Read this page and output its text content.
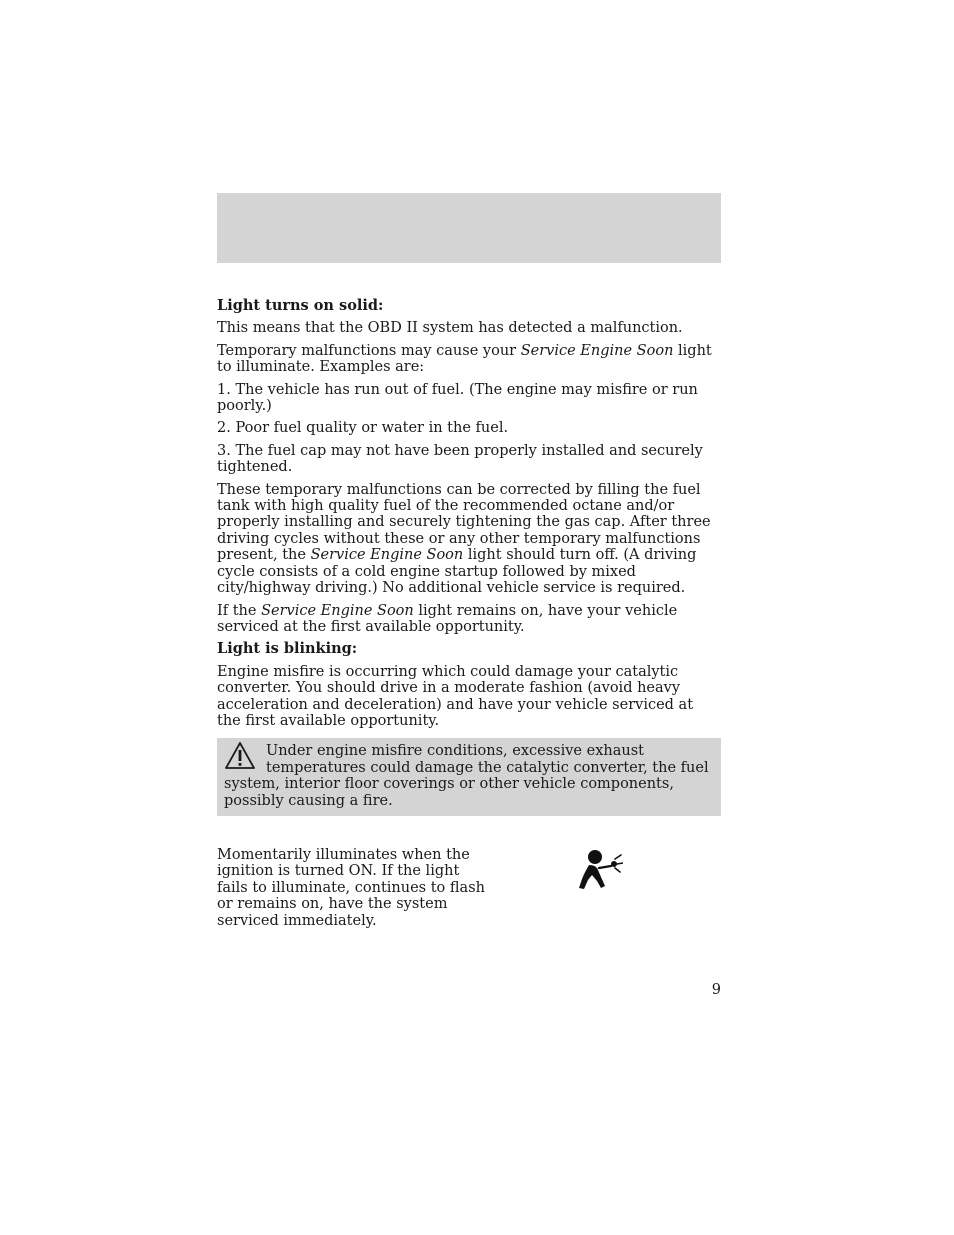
Light turns on solid:

This means that the OBD II system has detected a malfunction.

Temporary malfunctions may cause your Service Engine Soon light to illuminate. Examples are:

1. The vehicle has run out of fuel. (The engine may misfire or run poorly.)

2. Poor fuel quality or water in the fuel.

3. The fuel cap may not have been properly installed and securely tightened.

These temporary malfunctions can be corrected by filling the fuel tank with high quality fuel of the recommended octane and/or properly installing and securely tightening the gas cap. After three driving cycles without these or any other temporary malfunctions present, the Service Engine Soon light should turn off. (A driving cycle consists of a cold engine startup followed by mixed city/highway driving.) No additional vehicle service is required.

If the Service Engine Soon light remains on, have your vehicle serviced at the first available opportunity.

Light is blinking:

Engine misfire is occurring which could damage your catalytic converter. You should drive in a moderate fashion (avoid heavy acceleration and deceleration) and have your vehicle serviced at the first available opportunity.

Under engine misfire conditions, excessive exhaust temperatures could damage the catalytic converter, the fuel system, interior floor coverings or other vehicle components, possibly causing a fire.
Momentarily illuminates when the ignition is turned ON. If the light fails to illuminate, continues to flash or remains on, have the system serviced immediately.
9
